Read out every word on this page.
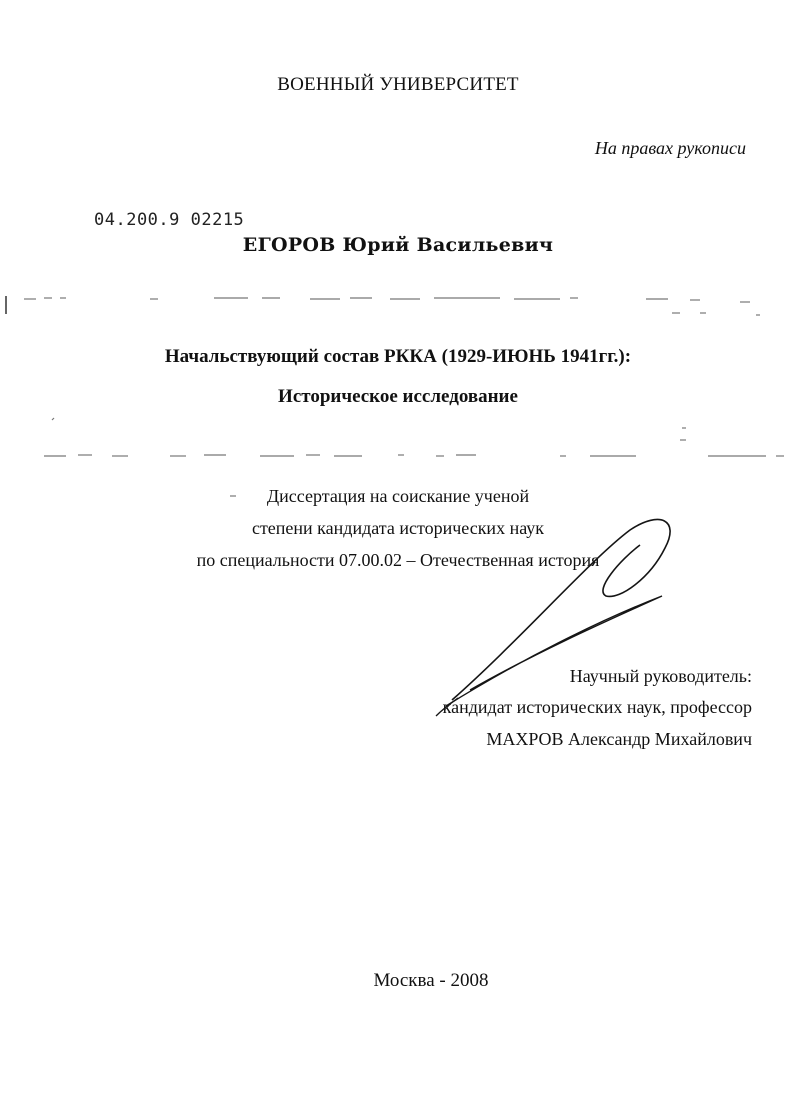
ВОЕННЫЙ УНИВЕРСИТЕТ
На правах рукописи
04.200.9 02215
ЕГОРОВ Юрий Васильевич
Начальствующий состав РККА (1929-ИЮНЬ 1941гг.):
Историческое исследование
Диссертация на соискание ученой
степени кандидата исторических наук
по специальности 07.00.02 – Отечественная история
Научный руководитель:
кандидат исторических наук, профессор
МАХРОВ Александр Михайлович
Москва - 2008
